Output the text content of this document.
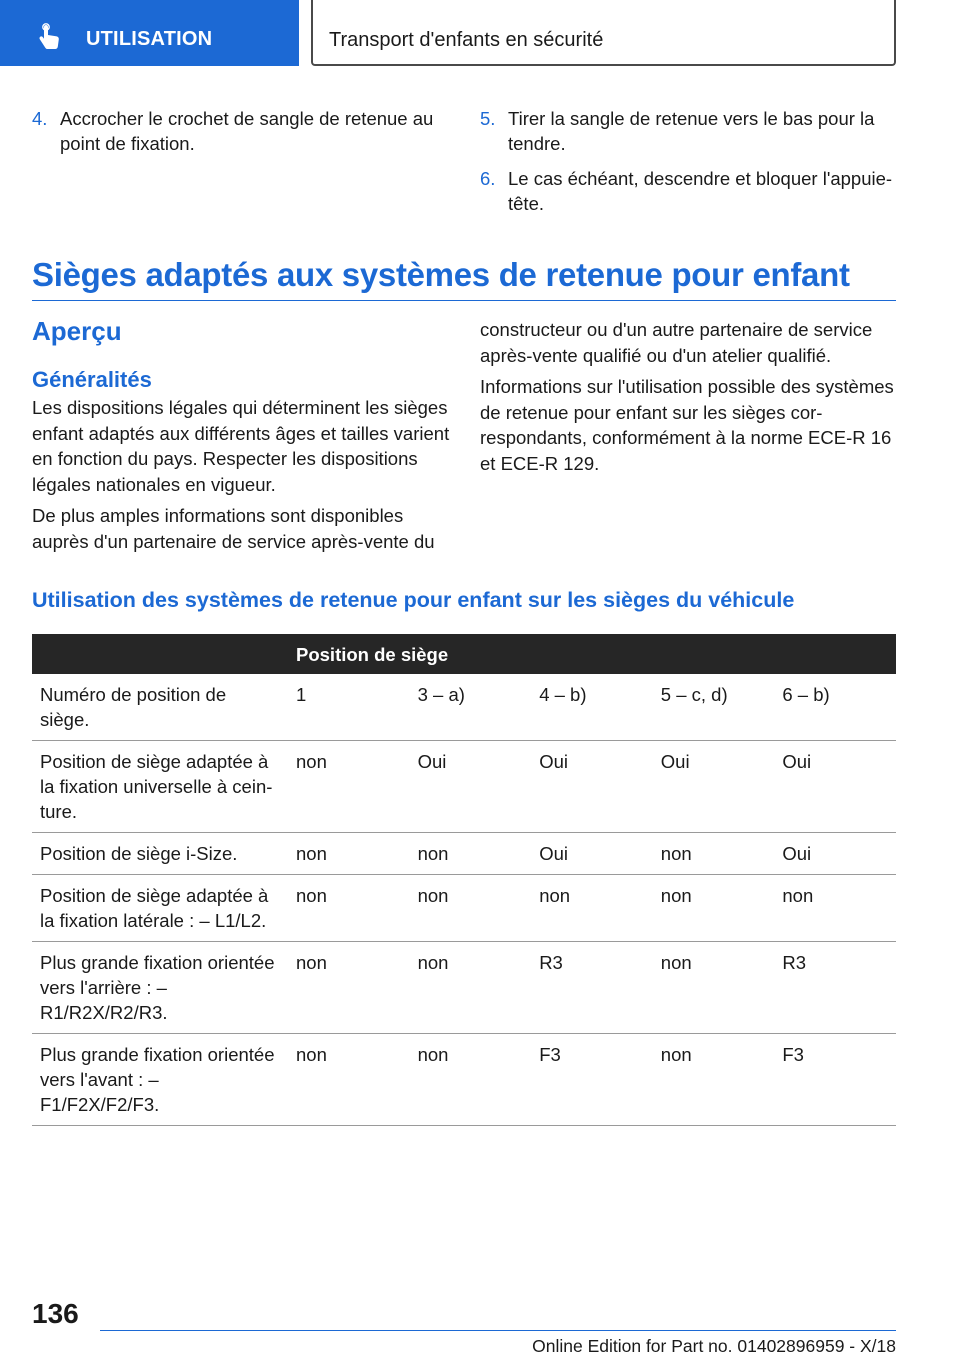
UTILISATION	Transport d'enfants en sécurité
4. Accrocher le crochet de sangle de retenue au point de fixation.
5. Tirer la sangle de retenue vers le bas pour la tendre.
6. Le cas échéant, descendre et bloquer l'appuie-tête.
Sièges adaptés aux systèmes de retenue pour enfant
Aperçu
Généralités

Les dispositions légales qui déterminent les sièges enfant adaptés aux différents âges et tailles varient en fonction du pays. Respecter les dispositions légales nationales en vigueur.

De plus amples informations sont disponibles auprès d'un partenaire de service après-vente du

constructeur ou d'un autre partenaire de service après-vente qualifié ou d'un atelier qualifié.

Informations sur l'utilisation possible des systèmes de retenue pour enfant sur les sièges correspondants, conformément à la norme ECE-R 16 et ECE-R 129.

Utilisation des systèmes de retenue pour enfant sur les sièges du véhicule
	Position de siège				
Numéro de position de siège.	1	3 – a)	4 – b)	5 – c, d)	6 – b)
Position de siège adaptée à la fixation universelle à ceinture.	non	Oui	Oui	Oui	Oui
Position de siège i-Size.	non	non	Oui	non	Oui
Position de siège adaptée à la fixation latérale : – L1/L2.	non	non	non	non	non
Plus grande fixation orientée vers l'arrière : – R1/R2X/R2/R3.	non	non	R3	non	R3
Plus grande fixation orientée vers l'avant : – F1/F2X/F2/F3.	non	non	F3	non	F3
136
Online Edition for Part no. 01402896959 - X/18
